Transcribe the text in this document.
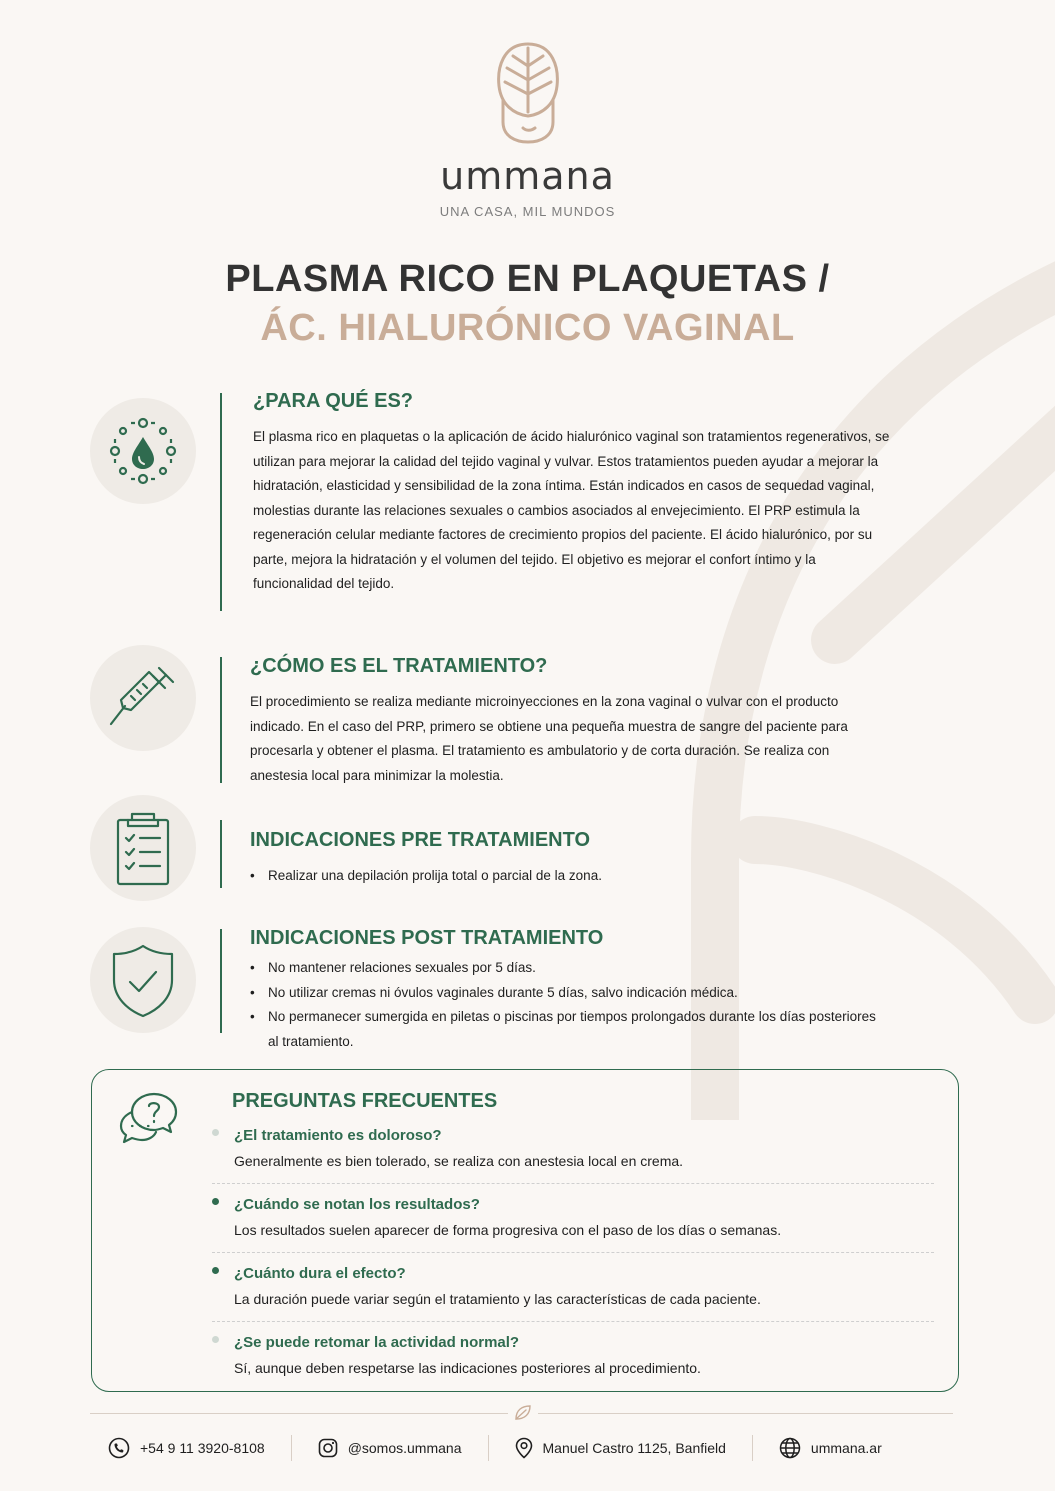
ummana
UNA CASA, MIL MUNDOS
PLASMA RICO EN PLAQUETAS /
ÁC. HIALURÓNICO VAGINAL
¿PARA QUÉ ES?
El plasma rico en plaquetas o la aplicación de ácido hialurónico vaginal son tratamientos regenerativos, se utilizan para mejorar la calidad del tejido vaginal y vulvar. Estos tratamientos pueden ayudar a mejorar la hidratación, elasticidad y sensibilidad de la zona íntima. Están indicados en casos de sequedad vaginal, molestias durante las relaciones sexuales o cambios asociados al envejecimiento. El PRP estimula la regeneración celular mediante factores de crecimiento propios del paciente. El ácido hialurónico, por su parte, mejora la hidratación y el volumen del tejido. El objetivo es mejorar el confort íntimo y la funcionalidad del tejido.
¿CÓMO ES EL TRATAMIENTO?
El procedimiento se realiza mediante microinyecciones en la zona vaginal o vulvar con el producto indicado. En el caso del PRP, primero se obtiene una pequeña muestra de sangre del paciente para procesarla y obtener el plasma. El tratamiento es ambulatorio y de corta duración. Se realiza con anestesia local para minimizar la molestia.
INDICACIONES PRE TRATAMIENTO
• Realizar una depilación prolija total o parcial de la zona.
INDICACIONES POST TRATAMIENTO
• No mantener relaciones sexuales por 5 días.
• No utilizar cremas ni óvulos vaginales durante 5 días, salvo indicación médica.
• No permanecer sumergida en piletas o piscinas por tiempos prolongados durante los días posteriores al tratamiento.
PREGUNTAS FRECUENTES
¿El tratamiento es doloroso?
Generalmente es bien tolerado, se realiza con anestesia local en crema.
¿Cuándo se notan los resultados?
Los resultados suelen aparecer de forma progresiva con el paso de los días o semanas.
¿Cuánto dura el efecto?
La duración puede variar según el tratamiento y las características de cada paciente.
¿Se puede retomar la actividad normal?
Sí, aunque deben respetarse las indicaciones posteriores al procedimiento.
+54 9 11 3920-8108	@somos.ummana	Manuel Castro 1125, Banfield	ummana.ar
